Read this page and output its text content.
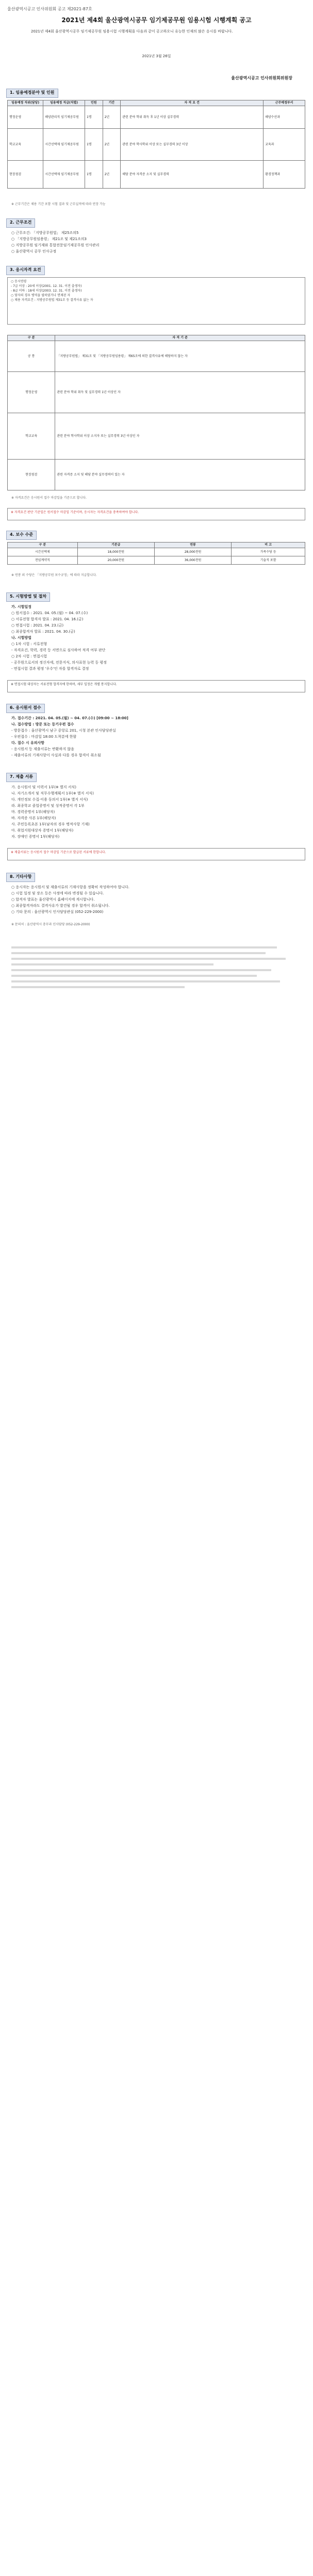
울산광역시공고 인사위원회 공고 제2021-87호
2021년 제4회 울산광역시공무 임기제공무원 임용시험 시행계획 공고
2021년 제4회 울산광역시공무 임기제공무원 임용시험 시행계획을 다음과 같이 공고하오니 유능한 인재의 많은 응시를 바랍니다.
2021년 3월 26일
울산광역시공고 인사위원회위원장
1. 임용예정분야 및 인원
임용예정 직위(담당)	임용예정 직급(직렬)	인원	기간	자 격 요 건	근무예정부서
행정운영	해양관리직 임기제공무원	1명	2년	관련 분야 학위 취득 후 1년 이상 실무경력	해양수산과
학교교육	시간선택제 임기제공무원	1명	2년	관련 분야 학사학위 이상 또는 실무경력 3년 이상	교육과
현장점검	시간선택제 임기제공무원	1명	2년	해당 분야 자격증 소지 및 실무경력	환경정책과
※ 근무기간은 채용 기간 포함 시험 결과 및 근무실적에 따라 연장 가능
2. 근무조건
○ 근무조건: 「지방공무원법」 제25조의5
○ 「지방공무원임용령」 제21조 및 제21조의3
○ 지방공무원 임기제와 통합전문임기제공무원 인사관리
○ 울산광역시 공무 인사규정
3. 응시자격 요건
○ 응시연령
- 7급 이상 : 20세 이상(2001. 12. 31. 이전 출생자)
- 8급 이하 : 18세 이상(2003. 12. 31. 이전 출생자)
○ 당자의 경우 병역을 필하였거나 면제된 자
○ 채용 자격요건 : 지방공무원법 제31조 등 결격사유 없는 자
구 분	자 격 기 준
공 통	「지방공무원법」 제31조 및 「지방공무원임용령」 제65조에 의한 결격사유에 해당하지 않는 자
행정운영	관련 분야 학위 취득 및 실무경력 1년 이상인 자
학교교육	관련 분야 학사학위 이상 소지자 또는 실무경력 3년 이상인 자
현장점검	관련 자격증 소지 및 해당 분야 실무경력이 있는 자
※ 자격요건은 응시원서 접수 마감일을 기준으로 합니다.
※ 자격요건 판단 기준일은 원서접수 마감일 기준이며, 응시자는 자격요건을 충족하여야 합니다.
4. 보수 수준
구 분	기본급	연봉	비 고
시간선택제	18,000천원	28,000천원	가족수당 등
전임계약직	20,000천원	36,000천원	기술직 포함
※ 연봉 외 수당은 「지방공무원 보수규정」에 따라 지급합니다.
5. 시험방법 및 절차
가. 시험일정
○ 원서접수 : 2021. 04. 05.(월) ~ 04. 07.(수)
○ 서류전형 합격자 발표 : 2021. 04. 16.(금)
○ 면접시험 : 2021. 04. 23.(금)
○ 최종합격자 발표 : 2021. 04. 30.(금)
나. 시험방법
○ 1차 시험 : 서류전형
- 자격요건, 학력, 경력 등 서면으로 심사하여 적격 여부 판단
○ 2차 시험 : 면접시험
- 공무원으로서의 정신자세, 전문지식, 의사표현 능력 등 평정
- 면접시험 결과 평정 '우수'인 자를 합격자로 결정
※ 면접시험 대상자는 서류전형 합격자에 한하며, 세부 일정은 개별 통지합니다.
6. 응시원서 접수
가. 접수기간 : 2021. 04. 05.(월) ~ 04. 07.(수) [09:00 ~ 18:00]
나. 접수방법 : 방문 또는 등기우편 접수
- 방문접수 : 울산광역시 남구 중앙로 201, 시청 본관 인사담당관실
- 우편접수 : 마감일 18:00 도착분에 한함
다. 접수 시 유의사항
- 응시원서 등 제출서류는 반환하지 않음
- 제출서류의 기재사항이 사실과 다를 경우 합격이 취소됨
7. 제출 서류
가. 응시원서 및 이력서 1부(※ 별지 서식)
나. 자기소개서 및 직무수행계획서 1부(※ 별지 서식)
다. 개인정보 수집·이용 동의서 1부(※ 별지 서식)
라. 최종학교 졸업증명서 및 성적증명서 각 1부
마. 경력증명서 1부(해당자)
바. 자격증 사본 1부(해당자)
사. 주민등록초본 1부(남자의 경우 병적사항 기재)
아. 취업지원대상자 증명서 1부(해당자)
자. 장애인 증명서 1부(해당자)
※ 제출서류는 응시원서 접수 마감일 기준으로 발급된 서류에 한합니다.
8. 기타사항
○ 응시자는 응시원서 및 제출서류의 기재사항을 정확히 작성하여야 합니다.
○ 시험 일정 및 장소 등은 사정에 따라 변경될 수 있습니다.
○ 합격자 발표는 울산광역시 홈페이지에 게시합니다.
○ 최종합격자라도 결격사유가 발견될 경우 합격이 취소됩니다.
○ 기타 문의 : 울산광역시 인사담당관실 (052-229-2000)
※ 문의처 : 울산광역시 총무과 인사담당 (052-229-2000)
